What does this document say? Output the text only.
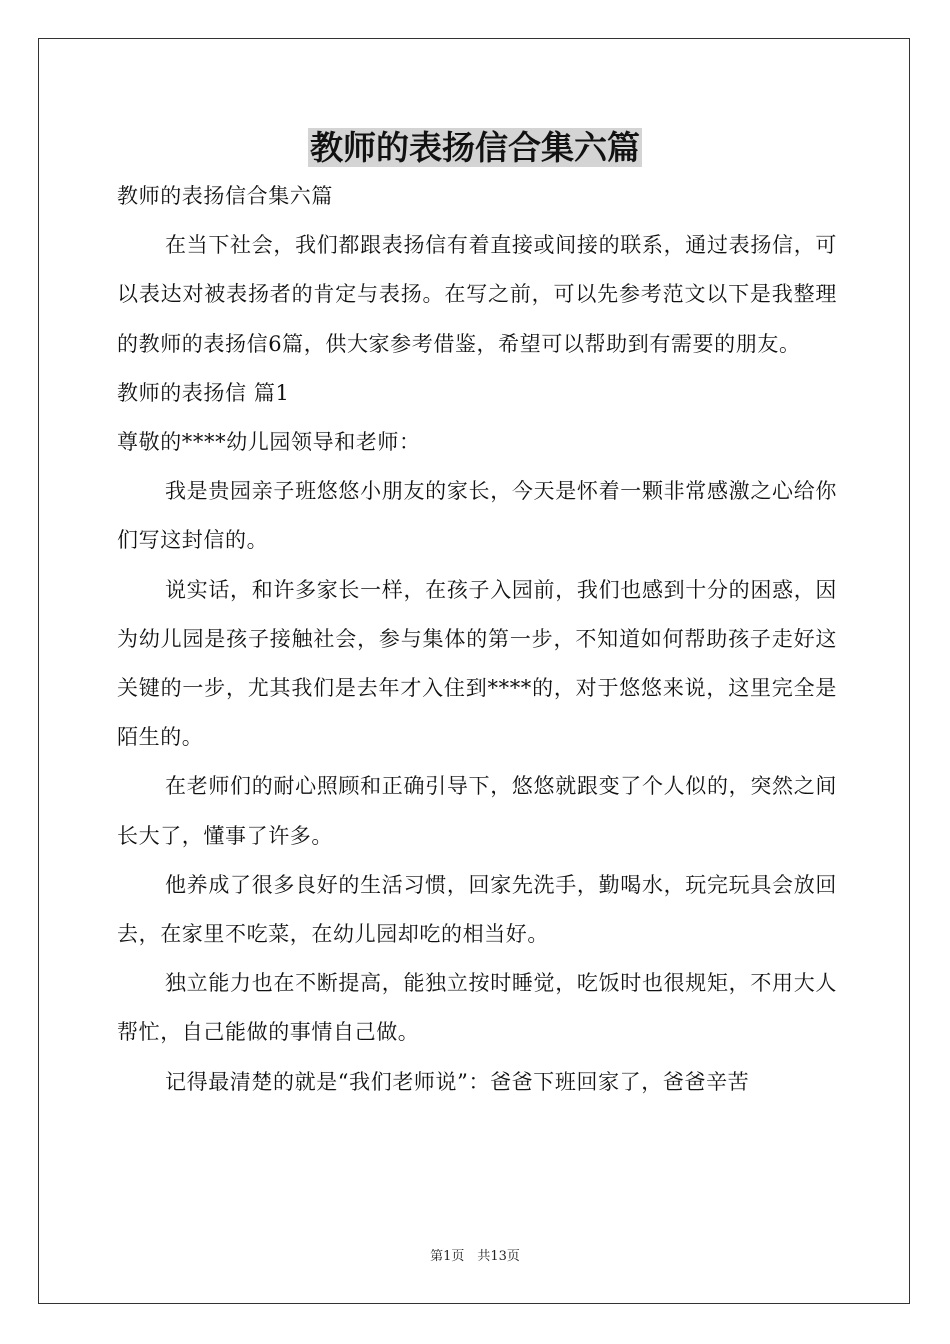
教师的表扬信合集六篇

教师的表扬信合集六篇

在当下社会，我们都跟表扬信有着直接或间接的联系，通过表扬信，可以表达对被表扬者的肯定与表扬。在写之前，可以先参考范文以下是我整理的教师的表扬信6篇，供大家参考借鉴，希望可以帮助到有需要的朋友。

教师的表扬信 篇1

尊敬的****幼儿园领导和老师：

我是贵园亲子班悠悠小朋友的家长，今天是怀着一颗非常感激之心给你们写这封信的。

说实话，和许多家长一样，在孩子入园前，我们也感到十分的困惑，因为幼儿园是孩子接触社会，参与集体的第一步，不知道如何帮助孩子走好这关键的一步，尤其我们是去年才入住到****的，对于悠悠来说，这里完全是陌生的。

在老师们的耐心照顾和正确引导下，悠悠就跟变了个人似的，突然之间长大了，懂事了许多。

他养成了很多良好的生活习惯，回家先洗手，勤喝水，玩完玩具会放回去，在家里不吃菜，在幼儿园却吃的相当好。

独立能力也在不断提高，能独立按时睡觉，吃饭时也很规矩，不用大人帮忙，自己能做的事情自己做。

记得最清楚的就是“我们老师说”：爸爸下班回家了，爸爸辛苦

第1页　共13页
